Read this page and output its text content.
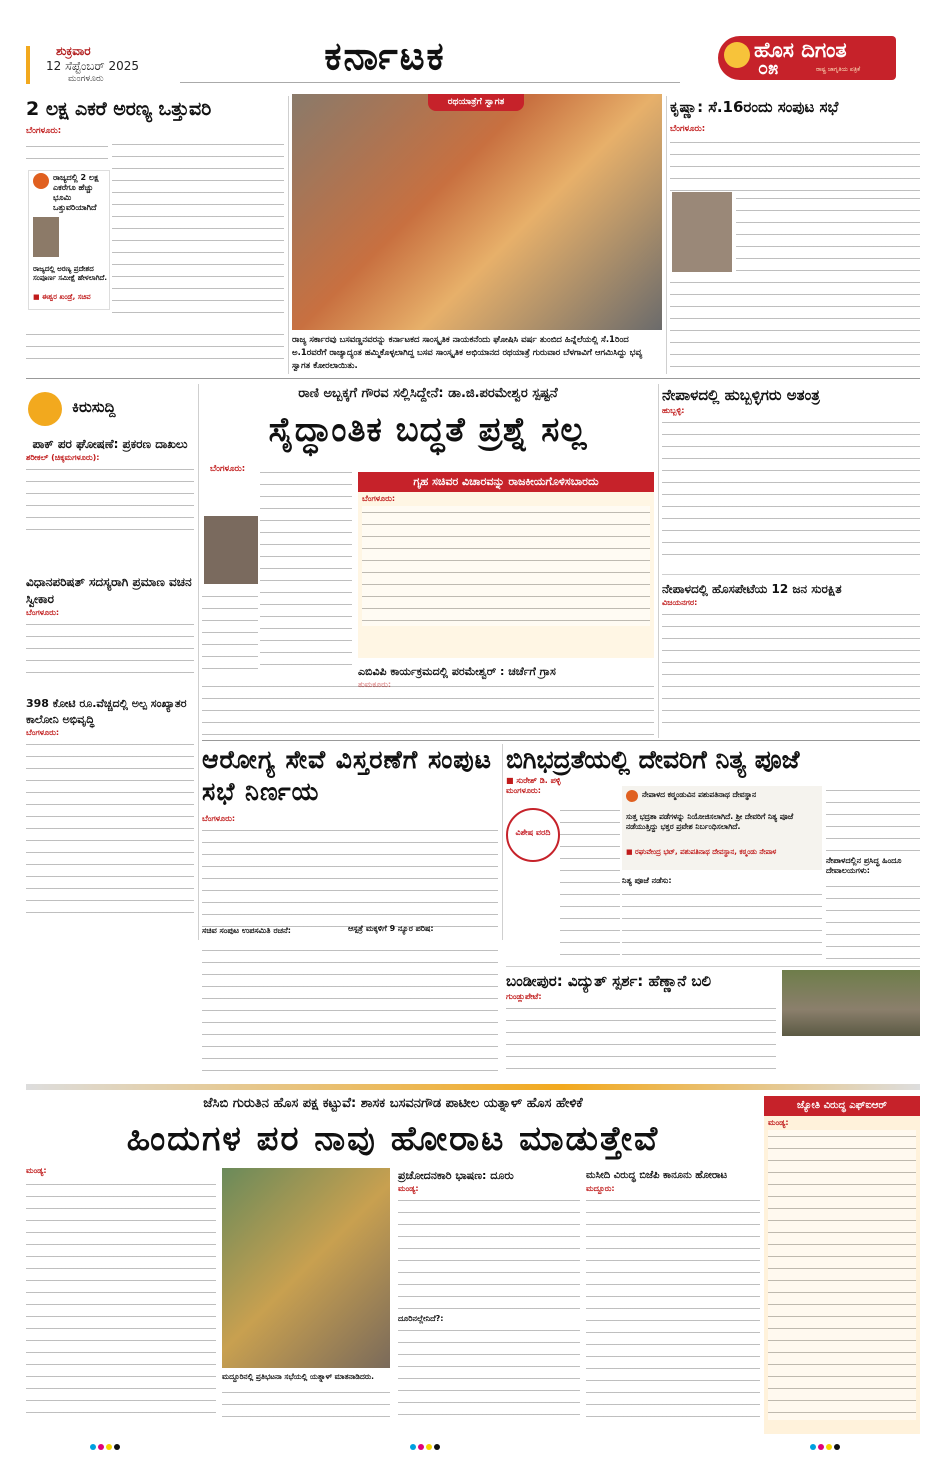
ಶುಕ್ರವಾರ
12 ಸೆಪ್ಟೆಂಬರ್ 2025
ಮಂಗಳೂರು
ಕರ್ನಾಟಕ	ಹೊಸ ದಿಗಂತ
ರಾಷ್ಟ್ರ ಜಾಗೃತಿಯ ಪತ್ರಿಕೆ
೦೫
2 ಲಕ್ಷ ಎಕರೆ ಅರಣ್ಯ ಒತ್ತುವರಿ
ರಾಜ್ಯದಲ್ಲಿ 2 ಲಕ್ಷ ಎಕರೆಗೂ ಹೆಚ್ಚು ಭೂಮಿ ಒತ್ತುವರಿಯಾಗಿದೆ
ರಾಜ್ಯದಲ್ಲಿ ಅರಣ್ಯ ಪ್ರದೇಶದ ಸಂಪೂರ್ಣ ಸಮೀಕ್ಷೆ ಹೇಳಲಾಗಿದೆ.
■ ಈಶ್ವರ ಖಂಡ್ರೆ, ಸಚಿವ
ಬೆಂಗಳೂರು:
ರಥಯಾತ್ರೆಗೆ ಸ್ವಾಗತ
ರಾಜ್ಯ ಸರ್ಕಾರವು ಬಸವಣ್ಣನವರನ್ನು ಕರ್ನಾಟಕದ ಸಾಂಸ್ಕೃತಿಕ ನಾಯಕನೆಂದು ಘೋಷಿಸಿ ವರ್ಷ ತುಂಬಿದ ಹಿನ್ನೆಲೆಯಲ್ಲಿ ಸೆ.1ರಿಂದ ಅ.1ರವರೆಗೆ ರಾಜ್ಯಾದ್ಯಂತ ಹಮ್ಮಿಕೊಳ್ಳಲಾಗಿದ್ದ ಬಸವ ಸಾಂಸ್ಕೃತಿಕ ಅಭಿಯಾನದ ರಥಯಾತ್ರೆ ಗುರುವಾರ ಬೆಳಗಾವಿಗೆ ಆಗಮಿಸಿದ್ದು ಭವ್ಯ ಸ್ವಾಗತ ಕೋರಲಾಯಿತು.
ಕೃಷ್ಣಾ: ಸೆ.16ರಂದು ಸಂಪುಟ ಸಭೆ
ಬೆಂಗಳೂರು:
ಕಿರುಸುದ್ದಿ
ಪಾಕ್ ಪರ ಘೋಷಣೆ: ಪ್ರಕರಣ ದಾಖಲು
ಶರೀಕಲ್ (ಚಿಕ್ಕಮಗಳೂರು):
ವಿಧಾನಪರಿಷತ್ ಸದಸ್ಯರಾಗಿ ಪ್ರಮಾಣ ವಚನ ಸ್ವೀಕಾರ
ಬೆಂಗಳೂರು:
398 ಕೋಟಿ ರೂ.ವೆಚ್ಚದಲ್ಲಿ ಅಲ್ಪ ಸಂಖ್ಯಾತರ ಕಾಲೋನಿ ಅಭಿವೃದ್ಧಿ
ಬೆಂಗಳೂರು:
ರಾಣಿ ಅಬ್ಬಕ್ಕಗೆ ಗೌರವ ಸಲ್ಲಿಸಿದ್ದೇನೆ: ಡಾ.ಜಿ.ಪರಮೇಶ್ವರ ಸ್ಪಷ್ಟನೆ
ಸೈದ್ಧಾಂತಿಕ ಬದ್ಧತೆ ಪ್ರಶ್ನೆ ಸಲ್ಲ
ಬೆಂಗಳೂರು:
ಗೃಹ ಸಚಿವರ ವಿಚಾರವನ್ನು ರಾಜಕೀಯಗೊಳಿಸಬಾರದು
ಬೆಂಗಳೂರು:
ಎಬಿವಿಪಿ ಕಾರ್ಯಕ್ರಮದಲ್ಲಿ ಪರಮೇಶ್ವರ್ : ಚರ್ಚೆಗೆ ಗ್ರಾಸ
ನೇಪಾಳದಲ್ಲಿ ಹುಬ್ಬಳ್ಳಿಗರು ಅತಂತ್ರ
ಹುಬ್ಬಳ್ಳಿ:
ನೇಪಾಳದಲ್ಲಿ ಹೊಸಪೇಟೆಯ 12 ಜನ ಸುರಕ್ಷಿತ
ವಿಜಯನಗರ:
ಆರೋಗ್ಯ ಸೇವೆ ವಿಸ್ತರಣೆಗೆ ಸಂಪುಟ ಸಭೆ ನಿರ್ಣಯ
ಬೆಂಗಳೂರು:
ಆಸ್ಪತ್ರೆ ಮಕ್ಕಳಿಗೆ 9 ನ್ಯೂರ ಪರಿಷ:
ಸಚಿವ ಸಂಪುಟ ಉಪಸಮಿತಿ ರಚನೆ:
ಬಿಗಿಭದ್ರತೆಯಲ್ಲಿ ದೇವರಿಗೆ ನಿತ್ಯ ಪೂಜೆ
■ ಸುರೇಶ್ ಡಿ. ಪಳ್ಳಿ
ಮಂಗಳೂರು:
ವಿಶೇಷ ವರದಿ
ನೇಪಾಳದ ಕಠ್ಮಂಡುವಿನ ಪಶುಪತಿನಾಥ ದೇವಸ್ಥಾನ
ಸುತ್ತ ಭದ್ರತಾ ಪಡೆಗಳನ್ನು ನಿಯೋಜಿಸಲಾಗಿದೆ. ಶ್ರೀ ದೇವರಿಗೆ ನಿತ್ಯ ಪೂಜೆ ನಡೆಯುತ್ತಿದ್ದು ಭಕ್ತರ ಪ್ರವೇಶ ನಿರ್ಬಂಧಿಸಲಾಗಿದೆ.
■ ರಘುವೇಂದ್ರ ಭಟ್, ಪಶುಪತಿನಾಥ ದೇವಸ್ಥಾನ, ಕಠ್ಮಂಡು ನೇಪಾಳ
ನಿತ್ಯ ಪೂಜೆ ನಡೆಸು:
ನೇಪಾಳದಲ್ಲಿನ ಪ್ರಸಿದ್ಧ ಹಿಂದೂ ದೇವಾಲಯಗಳು:
ಬಂಡೀಪುರ: ವಿದ್ಯುತ್ ಸ್ಪರ್ಶ: ಹೆಣ್ಣಾನೆ ಬಲಿ
ಗುಂಡ್ಲುಪೇಟೆ:
ಜೆಸಿಬಿ ಗುರುತಿನ ಹೊಸ ಪಕ್ಷ ಕಟ್ಟುವೆ: ಶಾಸಕ ಬಸವನಗೌಡ ಪಾಟೀಲ ಯತ್ನಾಳ್ ಹೊಸ ಹೇಳಿಕೆ
ಹಿಂದುಗಳ ಪರ ನಾವು ಹೋರಾಟ ಮಾಡುತ್ತೇವೆ
ಮಂಡ್ಯ:
ಮದ್ದೂರಿನಲ್ಲಿ ಪ್ರತಿಭಟನಾ ಸಭೆಯಲ್ಲಿ ಯತ್ನಾಳ್ ಮಾತನಾಡಿದರು.
ಪ್ರಚೋದನಕಾರಿ ಭಾಷಣ: ದೂರು
ಮಂಡ್ಯ:
ದೂರಿನಲ್ಲೇನಿದೆ?:
ಮಸೀದಿ ವಿರುದ್ಧ ಬಿಜೆಪಿ ಕಾನೂನು ಹೋರಾಟ
ಮದ್ದೂರು:
ಜ್ಯೋತಿ ವಿರುದ್ಧ ಎಫ್‌ಐಆರ್
ಮಂಡ್ಯ:
